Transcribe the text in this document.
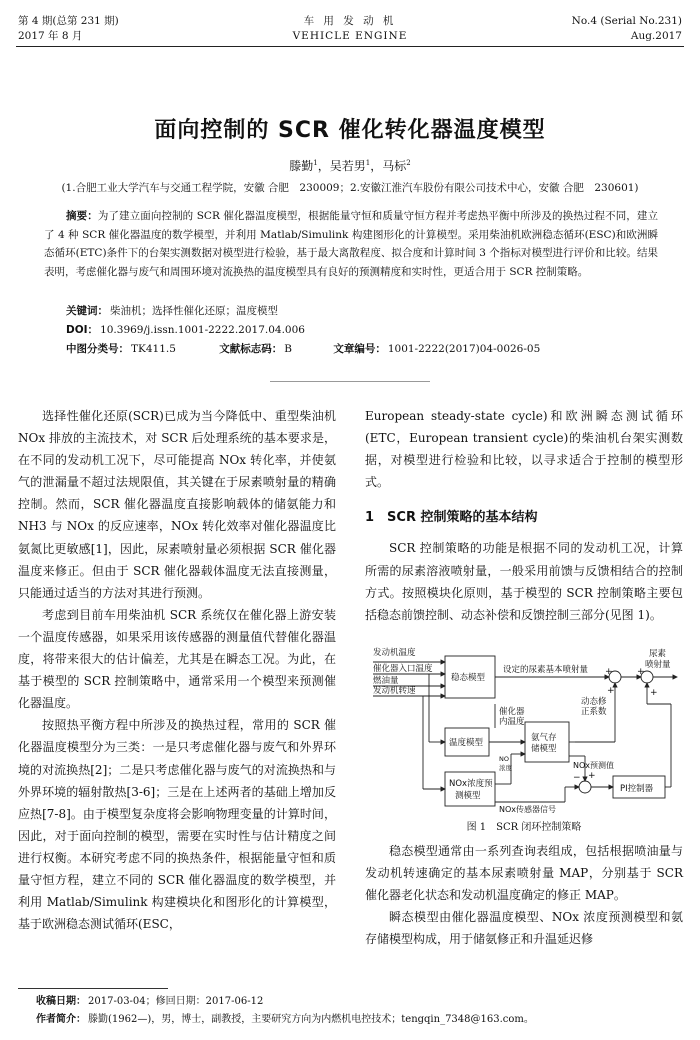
第 4 期(总第 231 期)
2017 年 8 月
车 用 发 动 机
VEHICLE ENGINE
No.4 (Serial No.231)
Aug.2017
面向控制的 SCR 催化转化器温度模型
滕勤$^1$，吴若男$^1$，马标$^2$
(1.合肥工业大学汽车与交通工程学院，安徽 合肥　230009；2.安徽江淮汽车股份有限公司技术中心，安徽 合肥　230601)
摘要：为了建立面向控制的 SCR 催化器温度模型，根据能量守恒和质量守恒方程并考虑热平衡中所涉及的换热过程不同，建立了 4 种 SCR 催化器温度的数学模型，并利用 Matlab/Simulink 构建图形化的计算模型。采用柴油机欧洲稳态循环(ESC)和欧洲瞬态循环(ETC)条件下的台架实测数据对模型进行检验，基于最大离散程度、拟合度和计算时间 3 个指标对模型进行评价和比较。结果表明，考虑催化器与废气和周围环境对流换热的温度模型具有良好的预测精度和实时性，更适合用于 SCR 控制策略。
关键词： 柴油机；选择性催化还原；温度模型
DOI： 10.3969/j.issn.1001-2222.2017.04.006
中图分类号： TK411.5	文献标志码： B	文章编号： 1001-2222(2017)04-0026-05

选择性催化还原(SCR)已成为当今降低中、重型柴油机 NOx 排放的主流技术，对 SCR 后处理系统的基本要求是，在不同的发动机工况下，尽可能提高 NOx 转化率，并使氨气的泄漏量不超过法规限值，其关键在于尿素喷射量的精确控制。然而，SCR 催化器温度直接影响载体的储氨能力和 NH3 与 NOx 的反应速率，NOx 转化效率对催化器温度比氨氮比更敏感[1]，因此，尿素喷射量必须根据 SCR 催化器温度来修正。但由于 SCR 催化器载体温度无法直接测量，只能通过适当的方法对其进行预测。

考虑到目前车用柴油机 SCR 系统仅在催化器上游安装一个温度传感器，如果采用该传感器的测量值代替催化器温度，将带来很大的估计偏差，尤其是在瞬态工况。为此，在基于模型的 SCR 控制策略中，通常采用一个模型来预测催化器温度。

按照热平衡方程中所涉及的换热过程，常用的 SCR 催化器温度模型分为三类：一是只考虑催化器与废气和外界环境的对流换热[2]；二是只考虑催化器与废气的对流换热和与外界环境的辐射散热[3-6]；三是在上述两者的基础上增加反应热[7-8]。由于模型复杂度将会影响物理变量的计算时间，因此，对于面向控制的模型，需要在实时性与估计精度之间进行权衡。本研究考虑不同的换热条件，根据能量守恒和质量守恒方程，建立不同的 SCR 催化器温度的数学模型，并利用 Matlab/Simulink 构建模块化和图形化的计算模型，基于欧洲稳态测试循环(ESC，

European steady-state cycle)和欧洲瞬态测试循环(ETC，European transient cycle)的柴油机台架实测数据，对模型进行检验和比较，以寻求适合于控制的模型形式。

1　SCR 控制策略的基本结构

SCR 控制策略的功能是根据不同的发动机工况，计算所需的尿素溶液喷射量，一般采用前馈与反馈相结合的控制方式。按照模块化原则，基于模型的 SCR 控制策略主要包括稳态前馈控制、动态补偿和反馈控制三部分(见图 1)。

发动机温度
催化器入口温度
燃油量
发动机转速
稳态模型
设定的尿素基本喷射量
尿素
喷射量
催化器
内温度
动态修
正系数
温度模型	氨气存
储模型
NO
浓度	NOx预测值
NOx浓度预
测模型
NOx传感器信号
PI控制器
+
+
+
+
− +
图 1　SCR 闭环控制策略

稳态模型通常由一系列查询表组成，包括根据喷油量与发动机转速确定的基本尿素喷射量 MAP，分别基于 SCR 催化器老化状态和发动机温度确定的修正 MAP。

瞬态模型由催化器温度模型、NOx 浓度预测模型和氨存储模型构成，用于储氨修正和升温延迟修

收稿日期： 2017-03-04；修回日期：2017-06-12
作者简介： 滕勤(1962—)，男，博士，副教授，主要研究方向为内燃机电控技术；tengqin_7348@163.com。
